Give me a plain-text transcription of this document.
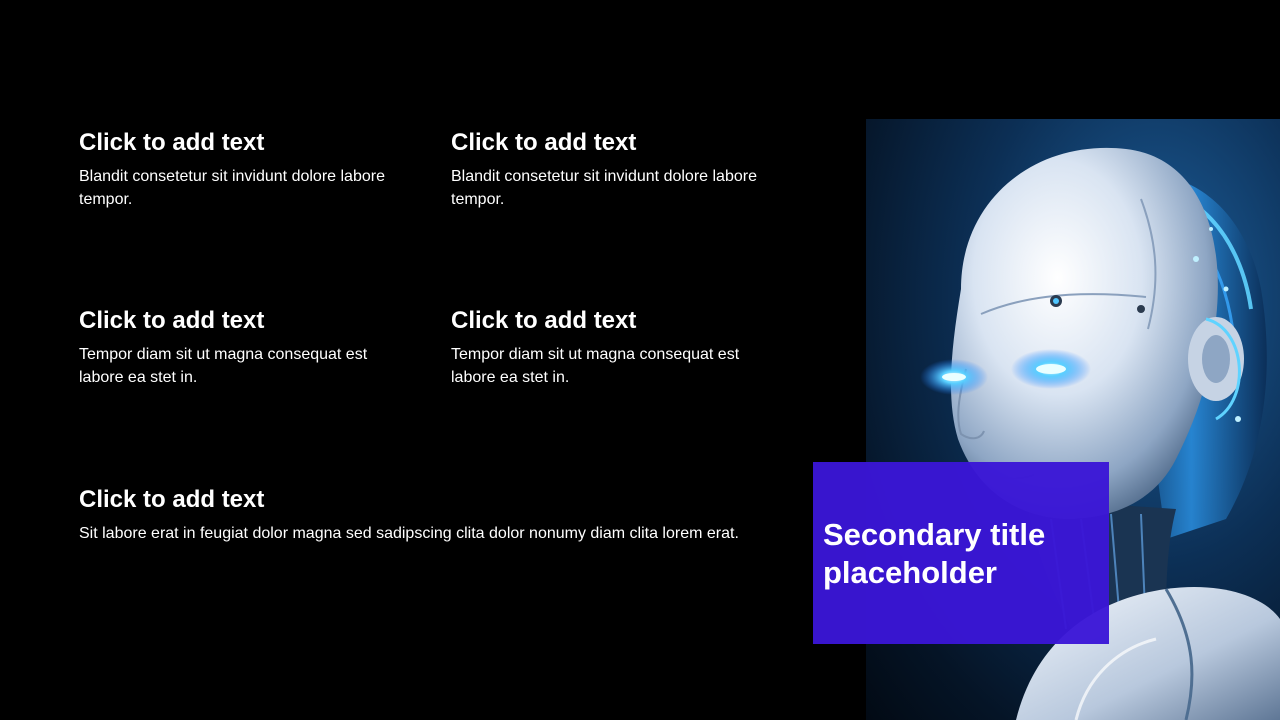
Click to add text

Blandit consetetur sit invidunt dolore labore tempor.

Click to add text

Blandit consetetur sit invidunt dolore labore tempor.

Click to add text

Tempor diam sit ut magna consequat est labore ea stet in.

Click to add text

Tempor diam sit ut magna consequat est labore ea stet in.

Click to add text

Sit labore erat in feugiat dolor magna sed sadipscing clita dolor nonumy diam clita lorem erat.	Secondary title placeholder
